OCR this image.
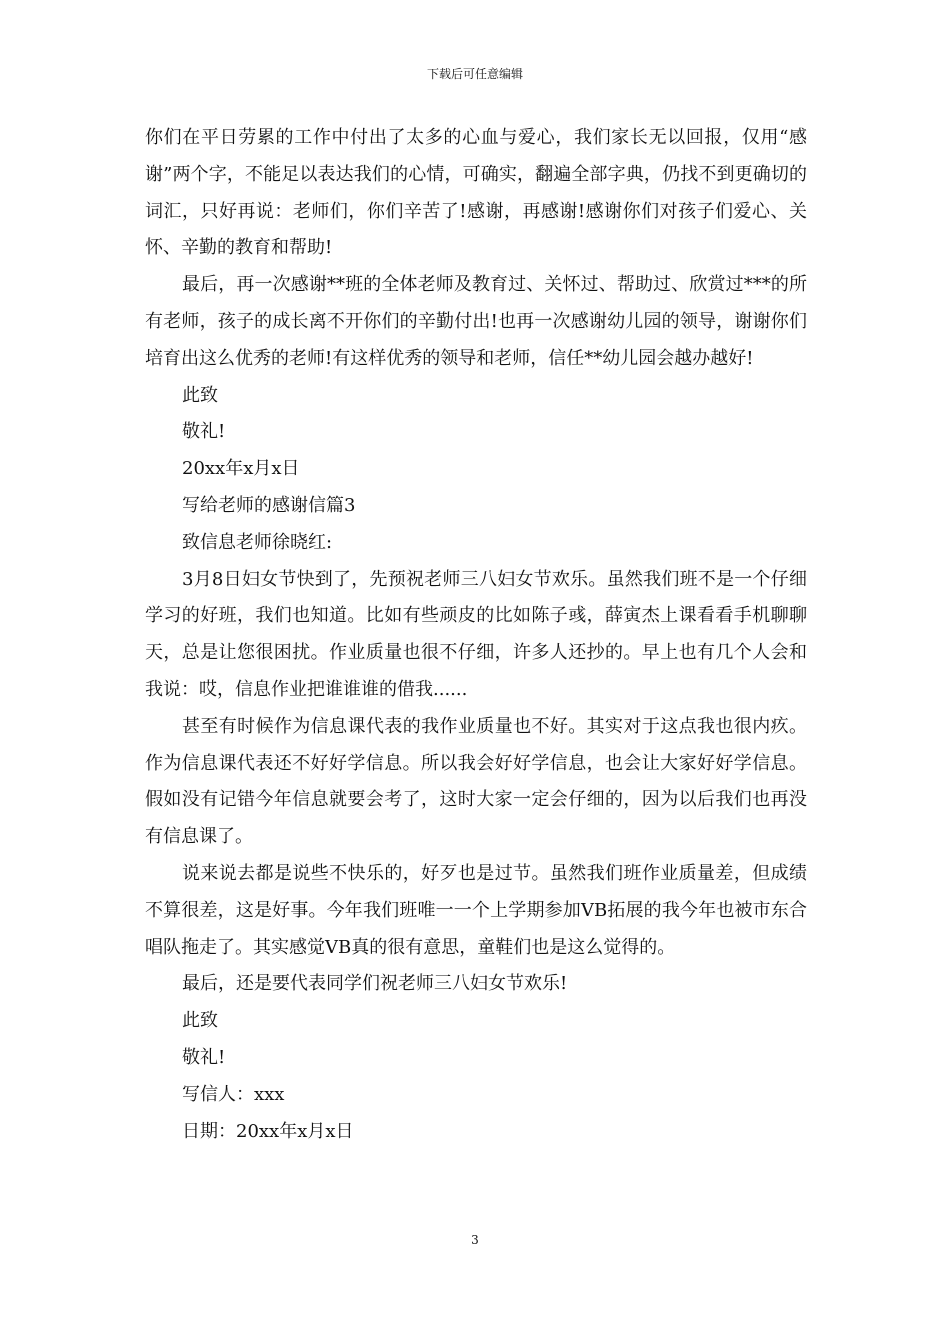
下载后可任意编辑

你们在平日劳累的工作中付出了太多的心血与爱心，我们家长无以回报，仅用“感谢”两个字，不能足以表达我们的心情，可确实，翻遍全部字典，仍找不到更确切的词汇，只好再说：老师们，你们辛苦了!感谢，再感谢!感谢你们对孩子们爱心、关怀、辛勤的教育和帮助!

最后，再一次感谢**班的全体老师及教育过、关怀过、帮助过、欣赏过***的所有老师，孩子的成长离不开你们的辛勤付出!也再一次感谢幼儿园的领导，谢谢你们培育出这么优秀的老师!有这样优秀的领导和老师，信任**幼儿园会越办越好!

此致

敬礼!

20xx年x月x日

写给老师的感谢信篇3

致信息老师徐晓红:

3月8日妇女节快到了，先预祝老师三八妇女节欢乐。虽然我们班不是一个仔细学习的好班，我们也知道。比如有些顽皮的比如陈子彧，薛寅杰上课看看手机聊聊天，总是让您很困扰。作业质量也很不仔细，许多人还抄的。早上也有几个人会和我说：哎，信息作业把谁谁谁的借我......

甚至有时候作为信息课代表的我作业质量也不好。其实对于这点我也很内疚。作为信息课代表还不好好学信息。所以我会好好学信息，也会让大家好好学信息。假如没有记错今年信息就要会考了，这时大家一定会仔细的，因为以后我们也再没有信息课了。

说来说去都是说些不快乐的，好歹也是过节。虽然我们班作业质量差，但成绩不算很差，这是好事。今年我们班唯一一个上学期参加VB拓展的我今年也被市东合唱队拖走了。其实感觉VB真的很有意思，童鞋们也是这么觉得的。

最后，还是要代表同学们祝老师三八妇女节欢乐!

此致

敬礼!

写信人：xxx

日期：20xx年x月x日

3
